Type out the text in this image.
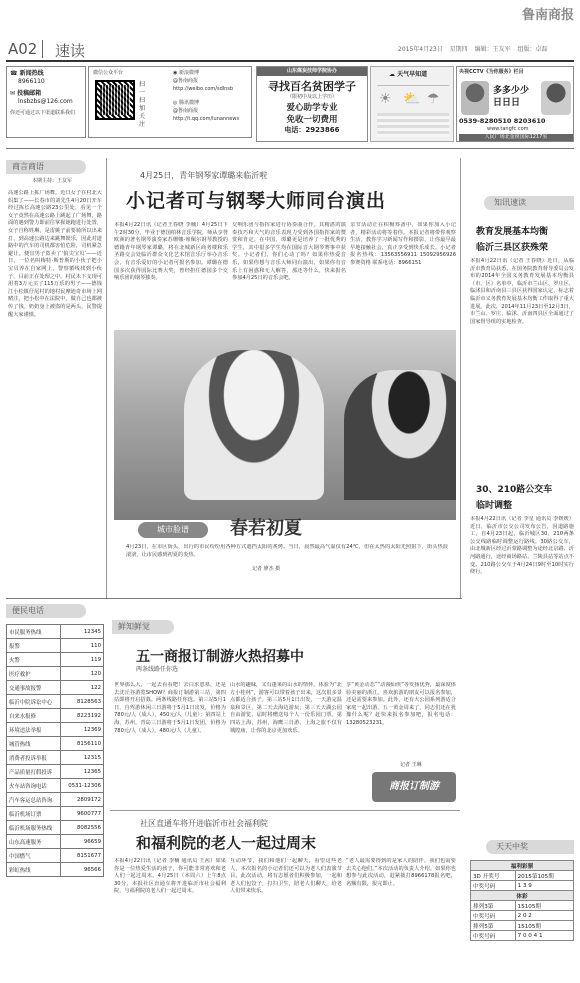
鲁南商报
A02 速读	2015年4月23日 星期四 编辑：王友军 组版：卓磊
☎ 新闻热线
8966110
✉ 投稿邮箱
lnsbzbs@126.com
你还可通过以下渠道联系我们
微信公众平台
扫一扫加关注
◉ 新浪微博
@鲁南商报
http://weibo.com/sdlnsb
◎ 腾讯微博
@鲁南商报
http://t.qq.com/lunannews
山东煤炭技师学院协办
寻找百名贫困学子
（限初中及以上学历）
爱心助学专业
免收一切费用
电话：2923866
☁ 天气早知道
☀ ⛅ ☂
央视CCTV《为你服务》栏目
多多少少
日日日
0539-8280510 8203610
www.tangfc.com
人民广场北金座国际1217室
商言商语
本期主持：王友军
高速公路上拣广场舞。近日女子在村北大妈集了——长春市的刘先生4月20日开车经过拣长高速公路23公里处，看见一个女子竟然在高速公路上跳起了广场舞，路面的遇到警力即前往掌握她跑进行处置，女子自称姓琳，是雷姚子前要骑所以出来打，到高速公路边来跳舞娱乐，因此对道路中的汽车的司机都害怕危险，司机紧急避让。便宜男子盗卖了‘狼尖宝贝’——近日，一位名叫梅特·斯普斯的小伙子把小宝贝养在自家网上，警察循线找到小伙子，目前正在处理之中。村民未下支现可用着3万元买了115万乐的男子——德钱江小松镇仔尾村的地村民摩迪奇市场上网赌注，把小松中在法院中，做自己也都被传了钱。奶奶身上被盗的是两头，民警提醒大家谨慎。
4月25日，青年钢琴家谭璐来临沂啦
小记者可与钢琴大师同台演出
本报4月22日讯（记者王春晓 李楠）4月25日下午2时30分，毕业于德国柏林音乐学院，师从享誉欧洲的著名钢琴演奏家苏珊娜·席佩尔钢琴教授的德籍青年钢琴家谭璐，将在北城新区商务楼和乐圣路交会处临沂群众文化艺术馆音乐厅举办音乐会，有音乐爱好的小记者可报名参加。谭璐在德国多次获得国际比赛大奖，曾经担任德国多个交响乐团的钢琴独奏。
交响乐团与指挥家进行协奏曲合作。其精湛的演奏技巧和大气的音乐表现力受到各国指挥家的赞赏和肯定。在中国，谭璐更是培养了一批优秀的学生，其中很多学生均在国际音大钢琴赛事中获奖。小记者们，你们心动了吗？如果你热爱音乐，如果你想与音乐大师同台演出，如果你有音乐上有困惑和无人解答，那还等什么，快来报名参加4月25日的音乐会吧。
亲节活动正在积极筹备中，如果你加入小记者，精彩活动将等着你。本报记者将带你观察生活，教你学习新闻写作和摄影，让你最早最早地接触社会，真正享受到快乐成长。小记者报名热线：13563556911 15092956926 参赛资格 联系电话：8966151
城市脸谱	春若初夏
4月23日，在市区街头，出行的市民纷纷用各种方式遮挡太阳的炙烤。当日，晨然最高气温仅有24℃，但在太热的太阳光照射下，街头热浪滚滚，让市民感到初夏的炎热。
记者 廖杰 摄
知讯速读
教育发展基本均衡
临沂三县区获殊荣
本报4月22日讯（记者 王春晓）近日，从临沂市教育局获悉，在国务院教育督导委员会发布的2014年全国义务教育发展基本均衡县（市、区）名单中，临沂市兰山区、罗庄区、临沭县和沂南县三县区获得国家认定，标志着临沂市义务教育发展基本均衡工作取得了重大进展。此次，2014年11月23日至12月3日，市兰山、罗庄、临沭、沂南四县区全面通过了国家督导组的实地检查。
30、210路公交车
临时调整
本报4月22日讯（记者 李星 通讯员 李媛媛）近日，临沂市公交公司发布公告，因道路施工，自4月23日起，临沂城区30、210两条公交线路临时调整运行路线。30路公交车，由北城新区经过沂蒙路调整为途经北京路、沂河路通行，途经商场路站、兰陵县站等站点不变。210路公交车于4月24日9时至10时实行绕行。
便民电话
市民服务热线	12345
报警	110
火警	119
医疗救护	120
交通事故报警	122
临沂中院诉讼中心	8128563
自来水报修	8223192
环境违法举报	12369
城管热线	8156110
消费者投诉举报	12315
产品质量打假投诉	12365
火车站咨询电话	0531-12306
汽车客运总站咨询	2809172
临沂机场订票	9600777
临沂机场服务热线	8082556
山东高速服务	96659
中国燃气	8151677
彩虹热线	96566
鲜知鲜觉
五一商报订制游火热招募中
两条线路任你选
世界那么大，一起去看看吧！去白求恩墓，还是去沈丘谷游览SHOW？商报订制游第三站，第四站即将开启招募。两条线路任你选。第三站5月1日，自驾游休闲三日游将于5月1日出发，价格为780元/人（成人），450元/人（儿童）；第四站上海，苏州，青岛三日游将于5月1日发团，价格为780元/人（成人），480元/人（儿童）。
山水的趣味，又有蓬莱的山水的情怀，体验为“北方小桂林”，游客可以带着孩子出来，这次很多景点都适合孩子。第三站5月1日出发，一天游完温泉和景区，第二天去海边游玩，第三天天湖公园自由游览，届时将赠送每个人一份乐园门票。第四站上海，苏州，海鹰三日游，上海之旅不仅有城隍庙，让你的北京更加欢乐。
享“黄金动态”“动漫仙侠”等发扬优秀，最深度体验美丽的浙江。喜欢旅游的朋友可以报名参加，还是需要来参加。此外，还有大公园系列游适合家庭一起出游。五一黄金周来了，同志们还在犹豫什么呢？赶快来报名参加吧，报名电话：13280523231。
记者 王琳
商报订制游
社区直通车将开进临沂市社会福利院
和福利院的老人一起过周末
本报4月22日讯（记者 李楠 通讯员 王茜）如果你是一位热爱生活的孩子，你可能非常喜欢和老人们一起过周末。4月25日（本周六）上午8点30分，本报社区直通车将开进临沂市社会福利院，与福利院的老人们一起过周末。
互动环节，我们和他们一起聊天，看望这些老人，本次报名的小记者们还可以为老人们表演节目。此次活动，将有志愿者们积极参加，一起和老人们包饺子，打扫卫生，陪老人们聊天，给老人们带来快乐。
“老人最需要得到的是家人的陪伴，我们也需要去关心他们。”本次活动的负责人介绍。如果你也想参与此次活动，赶紧拨打8966178报名吧，名额有限，报完即止。
天天中奖
福利彩票	
3D 开奖号	2015第105期
中奖号码	1 3 9
体彩	
排列3第	15105期
中奖号码	2 0 2
排列5第	15105期
中奖号码	7 0 0 4 1
